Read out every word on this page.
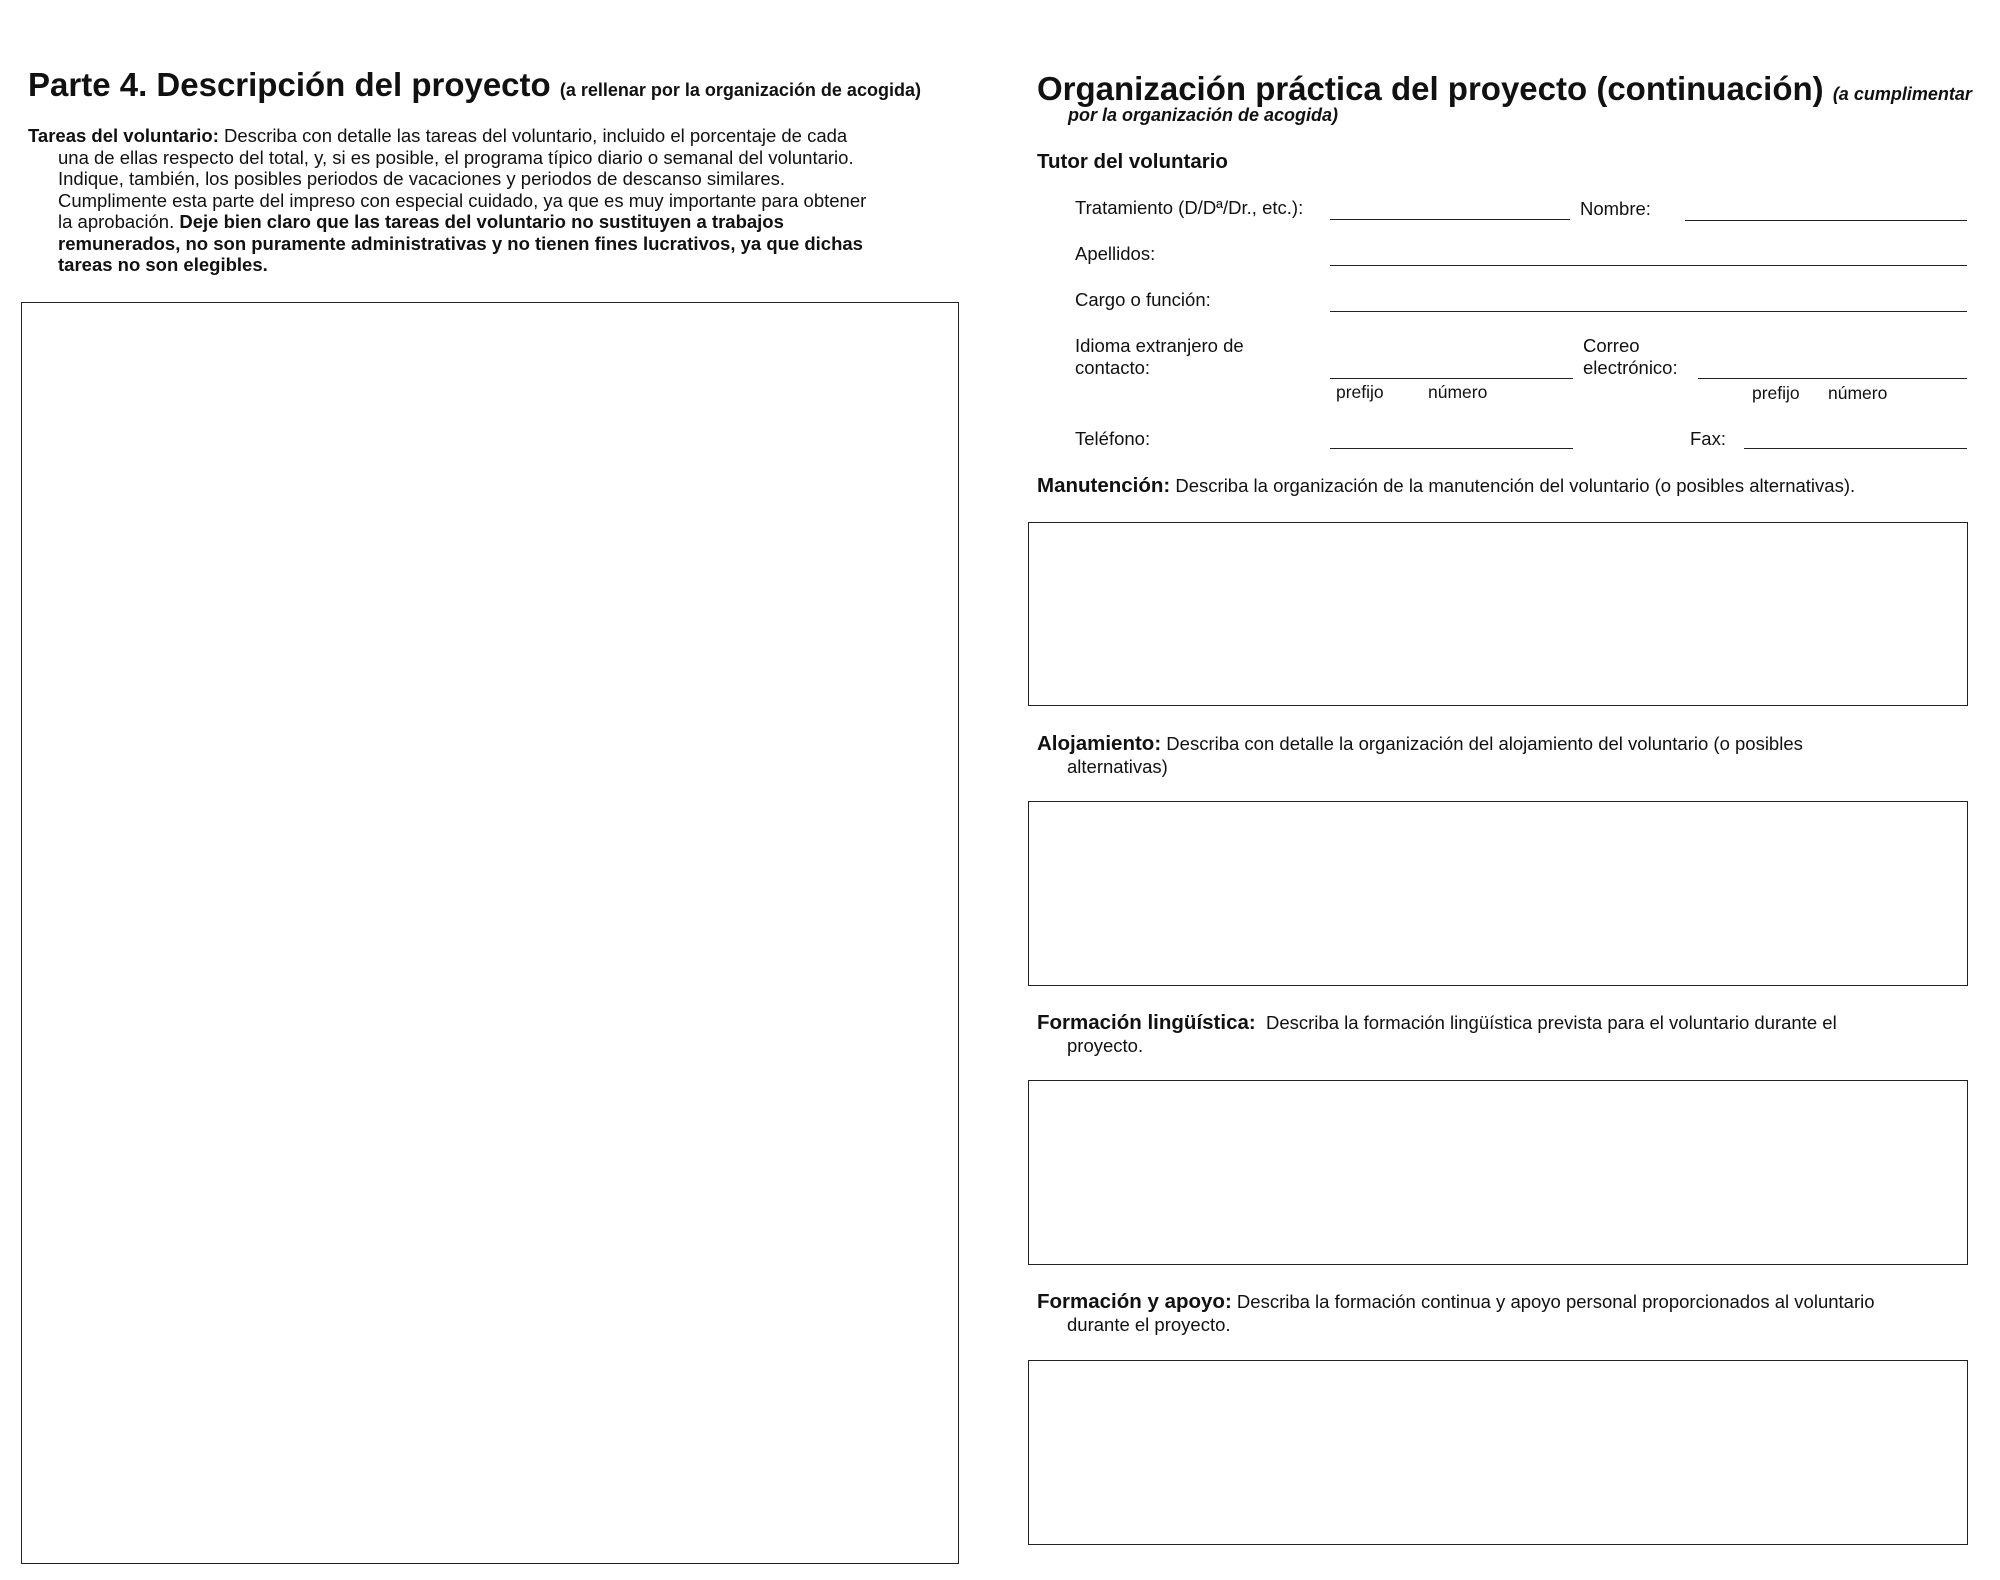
Parte 4. Descripción del proyecto (a rellenar por la organización de acogida)
Tareas del voluntario: Describa con detalle las tareas del voluntario, incluido el porcentaje de cada
una de ellas respecto del total, y, si es posible, el programa típico diario o semanal del voluntario.
Indique, también, los posibles periodos de vacaciones y periodos de descanso similares.
Cumplimente esta parte del impreso con especial cuidado, ya que es muy importante para obtener
la aprobación. Deje bien claro que las tareas del voluntario no sustituyen a trabajos
remunerados, no son puramente administrativas y no tienen fines lucrativos, ya que dichas
tareas no son elegibles.
Organización práctica del proyecto (continuación) (a cumplimentar
por la organización de acogida)
Tutor del voluntario
Tratamiento (D/Dª/Dr., etc.):	Nombre:
Apellidos:
Cargo o función:
Idioma extranjero de
contacto:
Correo
electrónico:
prefijo	número	prefijo número
Teléfono:	Fax:
Manutención: Describa la organización de la manutención del voluntario (o posibles alternativas).
Alojamiento: Describa con detalle la organización del alojamiento del voluntario (o posibles
alternativas)
Formación lingüística: Describa la formación lingüística prevista para el voluntario durante el
proyecto.
Formación y apoyo: Describa la formación continua y apoyo personal proporcionados al voluntario
durante el proyecto.
